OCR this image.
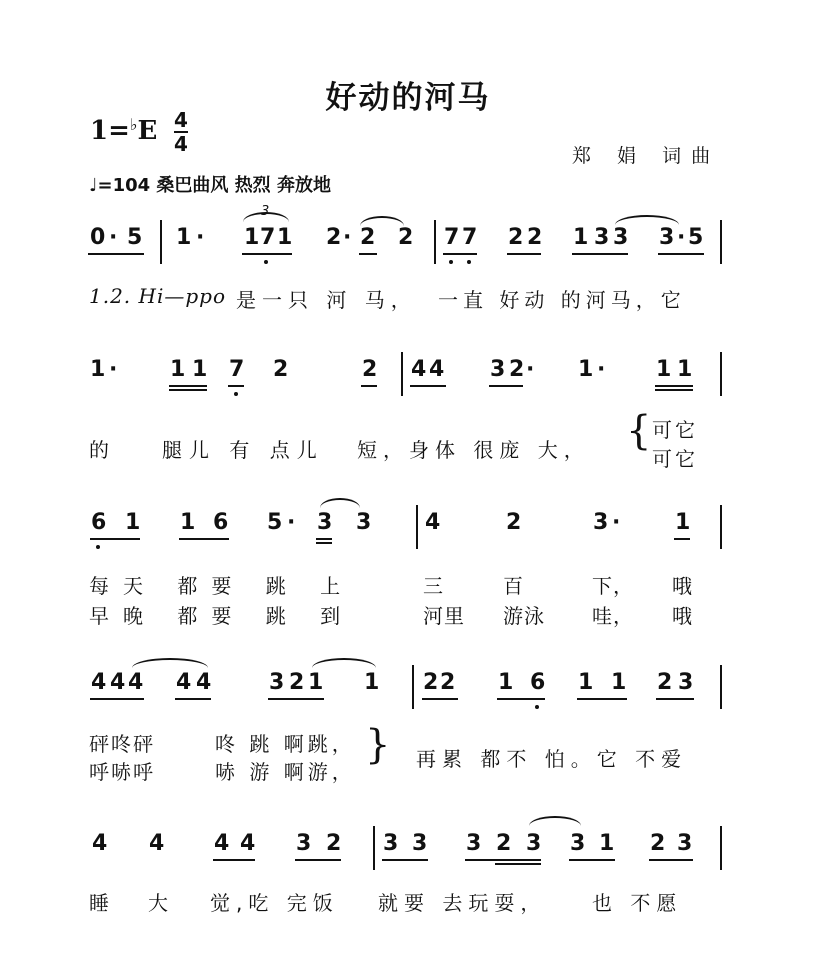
好动的河马
1=♭E 4
4	郑 娟 词曲
♩=104 桑巴曲风 热烈 奔放地
0 · 5 1 ·
3
1 7 1 2 · 2 2 7 7 2 2 1 3 3 3 · 5
1.2. Hi—ppo 是一只 河 马， 一直 好动 的河马，它
1 · 1 1 7 2	2 4 4 3 2 · 1 · 1 1
的	腿儿 有 点儿 短，身体 很庞 大， { 可它
可它
6 1 1 6 5 · 3 3 4	2	3 · 1
每天 都要 跳 上	三	百	下， 哦
早晚 都要 跳 到	河里 游泳 哇， 哦
4 4 4 4 4	3 2 1 1 2 2 1 6 1 1 2 3
砰咚砰	咚 跳 啊跳，
呼哧呼	哧 游 啊游，
} 再累 都不 怕。它 不爱
4 4 4 4 3 2 3 3 3 2 3 3 1 2 3
睡 大 觉,吃 完饭 就要 去玩耍， 也 不愿
